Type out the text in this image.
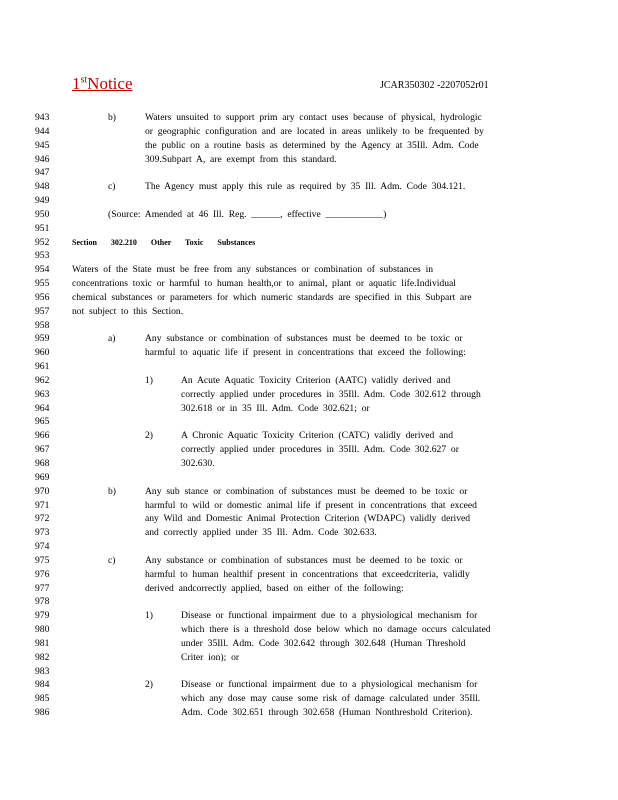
1stNotice	JCAR350302 -2207052r01
943	b)	Waters unsuited to support prim ary contact uses because of physical, hydrologic
944	or geographic configuration and are located in areas unlikely to be frequented by
945	the public on a routine basis as determined by the Agency at 35Ill. Adm. Code
946	309.Subpart A, are exempt from this standard.
947
948	c)	The Agency must apply this rule as required by 35 Ill. Adm. Code 304.121.
949
950	(Source: Amended at 46 Ill. Reg. ______, effective ____________)
951
952	Section 302.210 Other Toxic Substances
953
954 Waters of the State must be free from any substances or combination of substances in
955 concentrations toxic or harmful to human health,or to animal, plant or aquatic life.Individual
956 chemical substances or parameters for which numeric standards are specified in this Subpart are
957 not subject to this Section.
958
959	a)	Any substance or combination of substances must be deemed to be toxic or
960	harmful to aquatic life if present in concentrations that exceed the following:
961
962	1)	An Acute Aquatic Toxicity Criterion (AATC) validly derived and
963	correctly applied under procedures in 35Ill. Adm. Code 302.612 through
964	302.618 or in 35 Ill. Adm. Code 302.621; or
965
966	2)	A Chronic Aquatic Toxicity Criterion (CATC) validly derived and
967	correctly applied under procedures in 35Ill. Adm. Code 302.627 or
968	302.630.
969
970	b)	Any sub stance or combination of substances must be deemed to be toxic or
971	harmful to wild or domestic animal life if present in concentrations that exceed
972	any Wild and Domestic Animal Protection Criterion (WDAPC) validly derived
973	and correctly applied under 35 Ill. Adm. Code 302.633.
974
975	c)	Any substance or combination of substances must be deemed to be toxic or
976	harmful to human healthif present in concentrations that exceedcriteria, validly
977	derived andcorrectly applied, based on either of the following:
978
979	1)	Disease or functional impairment due to a physiological mechanism for
980	which there is a threshold dose below which no damage occurs calculated
981	under 35Ill. Adm. Code 302.642 through 302.648 (Human Threshold
982	Criter ion); or
983
984	2)	Disease or functional impairment due to a physiological mechanism for
985	which any dose may cause some risk of damage calculated under 35Ill.
986	Adm. Code 302.651 through 302.658 (Human Nonthreshold Criterion).
